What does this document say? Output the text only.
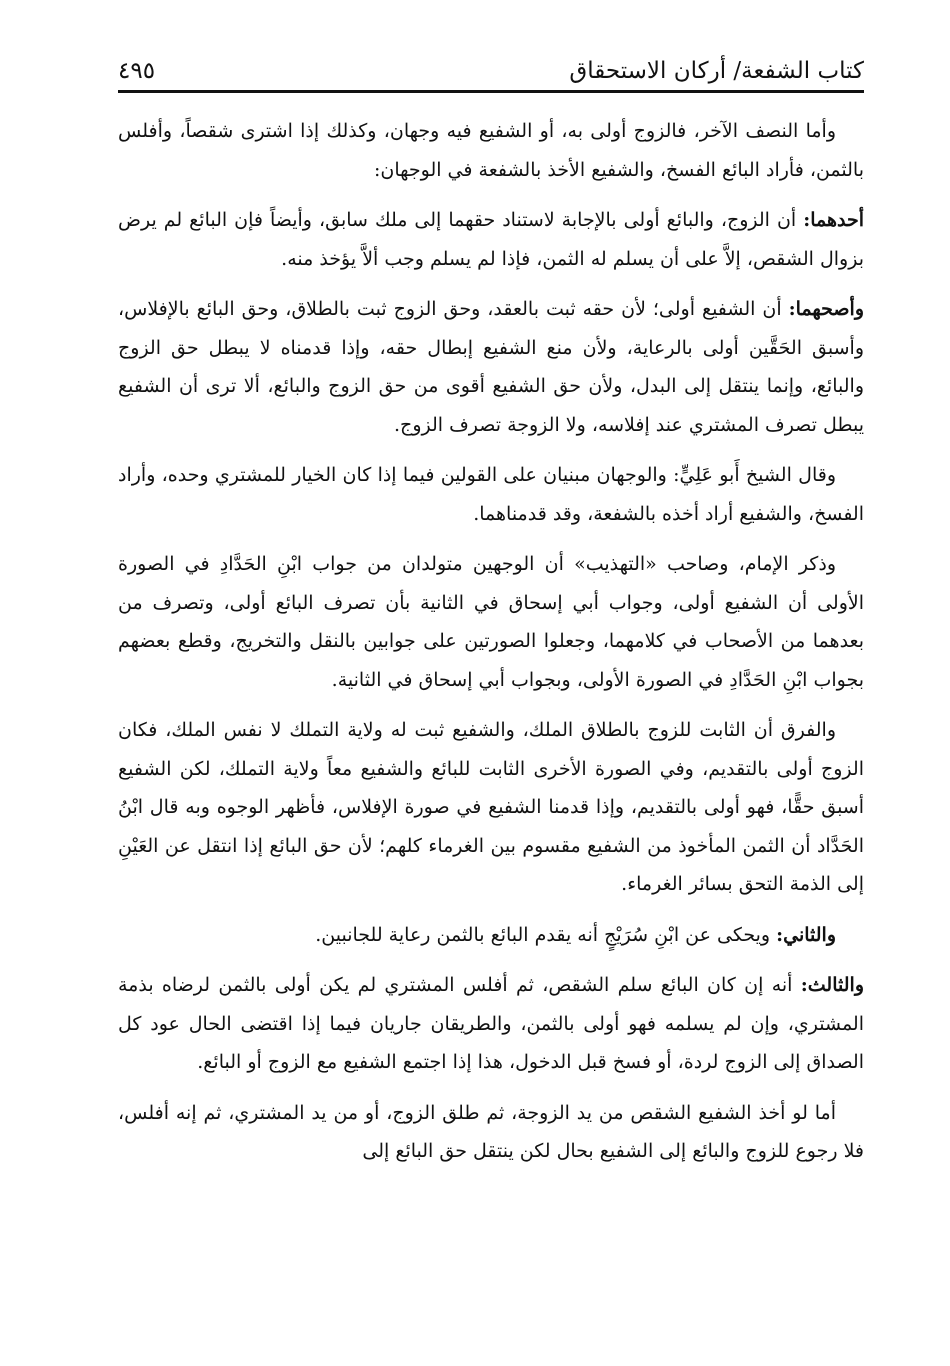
كتاب الشفعة/ أركان الاستحقاق
٤٩٥

وأما النصف الآخر، فالزوج أولى به، أو الشفيع فيه وجهان، وكذلك إذا اشترى شقصاً، وأفلس بالثمن، فأراد البائع الفسخ، والشفيع الأخذ بالشفعة في الوجهان:

أحدهما: أن الزوج، والبائع أولى بالإجابة لاستناد حقهما إلى ملك سابق، وأيضاً فإن البائع لم يرض بزوال الشقص، إلاَّ على أن يسلم له الثمن، فإذا لم يسلم وجب ألاَّ يؤخذ منه.

وأصحهما: أن الشفيع أولى؛ لأن حقه ثبت بالعقد، وحق الزوج ثبت بالطلاق، وحق البائع بالإفلاس، وأسبق الحَقَّين أولى بالرعاية، ولأن منع الشفيع إبطال حقه، وإذا قدمناه لا يبطل حق الزوج والبائع، وإنما ينتقل إلى البدل، ولأن حق الشفيع أقوى من حق الزوج والبائع، ألا ترى أن الشفيع يبطل تصرف المشتري عند إفلاسه، ولا الزوجة تصرف الزوج.

وقال الشيخ أَبو عَلِيٍّ: والوجهان مبنيان على القولين فيما إذا كان الخيار للمشتري وحده، وأراد الفسخ، والشفيع أراد أخذه بالشفعة، وقد قدمناهما.

وذكر الإمام، وصاحب «التهذيب» أن الوجهين متولدان من جواب ابْنِ الحَدَّادِ في الصورة الأولى أن الشفيع أولى، وجواب أبي إسحاق في الثانية بأن تصرف البائع أولى، وتصرف من بعدهما من الأصحاب في كلامهما، وجعلوا الصورتين على جوابين بالنقل والتخريج، وقطع بعضهم بجواب ابْنِ الحَدَّادِ في الصورة الأولى، وبجواب أبي إسحاق في الثانية.

والفرق أن الثابت للزوج بالطلاق الملك، والشفيع ثبت له ولاية التملك لا نفس الملك، فكان الزوج أولى بالتقديم، وفي الصورة الأخرى الثابت للبائع والشفيع معاً ولاية التملك، لكن الشفيع أسبق حقًّا، فهو أولى بالتقديم، وإذا قدمنا الشفيع في صورة الإفلاس، فأظهر الوجوه وبه قال ابْنُ الحَدَّاد أن الثمن المأخوذ من الشفيع مقسوم بين الغرماء كلهم؛ لأن حق البائع إذا انتقل عن العَيْنِ إلى الذمة التحق بسائر الغرماء.

والثاني: ويحكى عن ابْنِ سُرَيْجٍ أنه يقدم البائع بالثمن رعاية للجانبين.

والثالث: أنه إن كان البائع سلم الشقص، ثم أفلس المشتري لم يكن أولى بالثمن لرضاه بذمة المشتري، وإن لم يسلمه فهو أولى بالثمن، والطريقان جاريان فيما إذا اقتضى الحال عود كل الصداق إلى الزوج لردة، أو فسخ قبل الدخول، هذا إذا اجتمع الشفيع مع الزوج أو البائع.

أما لو أخذ الشفيع الشقص من يد الزوجة، ثم طلق الزوج، أو من يد المشتري، ثم إنه أفلس، فلا رجوع للزوج والبائع إلى الشفيع بحال لكن ينتقل حق البائع إلى
